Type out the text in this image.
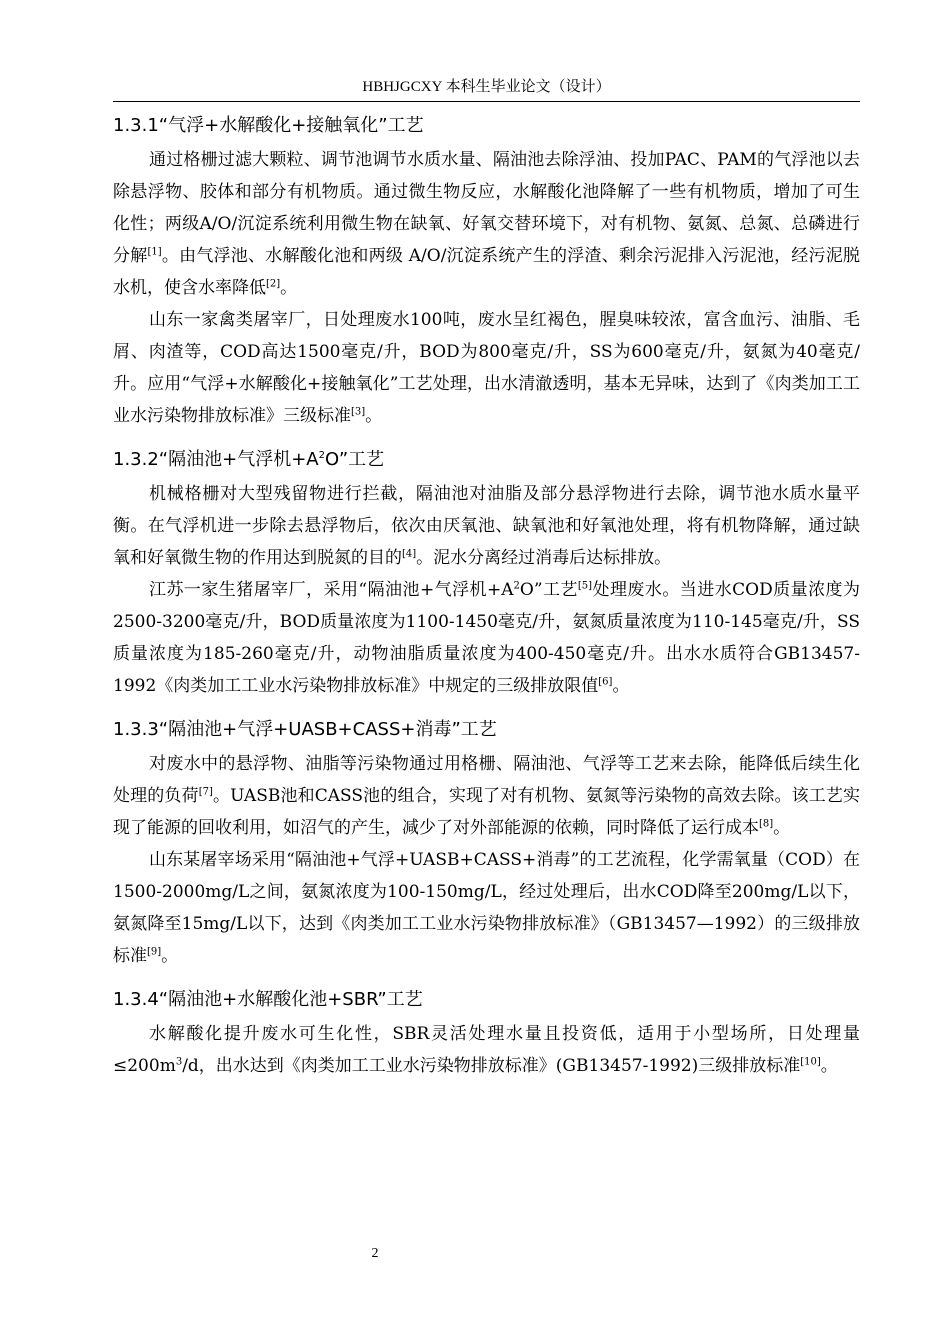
HBHJGCXY 本科生毕业论文（设计）
1.3.1“气浮+水解酸化+接触氧化”工艺

通过格栅过滤大颗粒、调节池调节水质水量、隔油池去除浮油、投加PAC、PAM的气浮池以去除悬浮物、胶体和部分有机物质。通过微生物反应，水解酸化池降解了一些有机物质，增加了可生化性；两级A/O/沉淀系统利用微生物在缺氧、好氧交替环境下，对有机物、氨氮、总氮、总磷进行分解[1]。由气浮池、水解酸化池和两级 A/O/沉淀系统产生的浮渣、剩余污泥排入污泥池，经污泥脱水机，使含水率降低[2]。

山东一家禽类屠宰厂，日处理废水100吨，废水呈红褐色，腥臭味较浓，富含血污、油脂、毛屑、肉渣等，COD高达1500毫克/升，BOD为800毫克/升，SS为600毫克/升，氨氮为40毫克/升。应用“气浮+水解酸化+接触氧化”工艺处理，出水清澈透明，基本无异味，达到了《肉类加工工业水污染物排放标准》三级标准[3]。

1.3.2“隔油池+气浮机$+A^2O$”工艺

机械格栅对大型残留物进行拦截，隔油池对油脂及部分悬浮物进行去除，调节池水质水量平衡。在气浮机进一步除去悬浮物后，依次由厌氧池、缺氧池和好氧池处理，将有机物降解，通过缺氧和好氧微生物的作用达到脱氮的目的[4]。泥水分离经过消毒后达标排放。

江苏一家生猪屠宰厂，采用“隔油池+气浮机$+A^2O$”工艺[5]处理废水。当进水COD质量浓度为2500-3200毫克/升，BOD质量浓度为1100-1450毫克/升，氨氮质量浓度为110-145毫克/升，SS质量浓度为185-260毫克/升，动物油脂质量浓度为400-450毫克/升。出水水质符合GB13457-1992《肉类加工工业水污染物排放标准》中规定的三级排放限值[6]。

1.3.3“隔油池+气浮+UASB+CASS+消毒”工艺

对废水中的悬浮物、油脂等污染物通过用格栅、隔油池、气浮等工艺来去除，能降低后续生化处理的负荷[7]。UASB池和CASS池的组合，实现了对有机物、氨氮等污染物的高效去除。该工艺实现了能源的回收利用，如沼气的产生，减少了对外部能源的依赖，同时降低了运行成本[8]。

山东某屠宰场采用“隔油池+气浮+UASB+CASS+消毒”的工艺流程，化学需氧量（COD）在1500-2000mg/L之间，氨氮浓度为100-150mg/L，经过处理后，出水COD降至200mg/L以下，氨氮降至15mg/L以下，达到《肉类加工工业水污染物排放标准》（GB13457—1992）的三级排放标准[9]。

1.3.4“隔油池+水解酸化池+SBR”工艺

水解酸化提升废水可生化性，SBR灵活处理水量且投资低，适用于小型场所，日处理量$\le 200m^3/d$，出水达到《肉类加工工业水污染物排放标准》(GB13457-1992)三级排放标准[10]。

2
